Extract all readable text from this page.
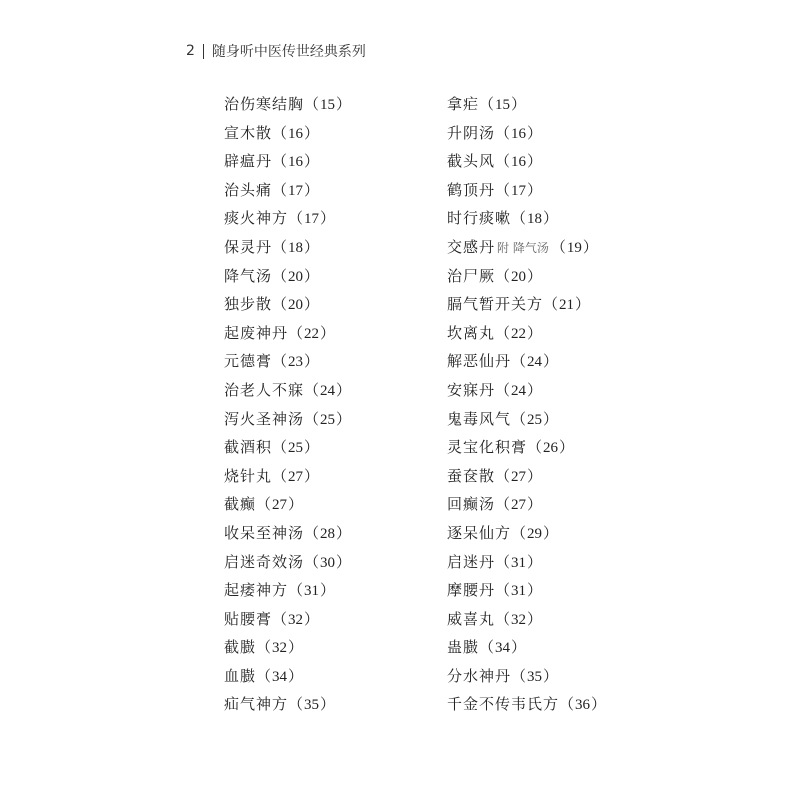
2 随身听中医传世经典系列
治伤寒结胸（15）
宣木散（16）
辟瘟丹（16）
治头痛（17）
痰火神方（17）
保灵丹（18）
降气汤（20）
独步散（20）
起废神丹（22）
元德膏（23）
治老人不寐（24）
泻火圣神汤（25）
截酒积（25）
烧针丸（27）
截癫（27）
收呆至神汤（28）
启迷奇效汤（30）
起痿神方（31）
贴腰膏（32）
截臌（32）
血臌（34）
疝气神方（35）
拿疟（15）
升阴汤（16）
截头风（16）
鹤顶丹（17）
时行痰嗽（18）
交感丹 附 降气汤 （19）
治尸厥（20）
膈气暂开关方（21）
坎离丸（22）
解恶仙丹（24）
安寐丹（24）
鬼毒风气（25）
灵宝化积膏（26）
蚕奁散（27）
回癫汤（27）
逐呆仙方（29）
启迷丹（31）
摩腰丹（31）
威喜丸（32）
蛊臌（34）
分水神丹（35）
千金不传韦氏方（36）
